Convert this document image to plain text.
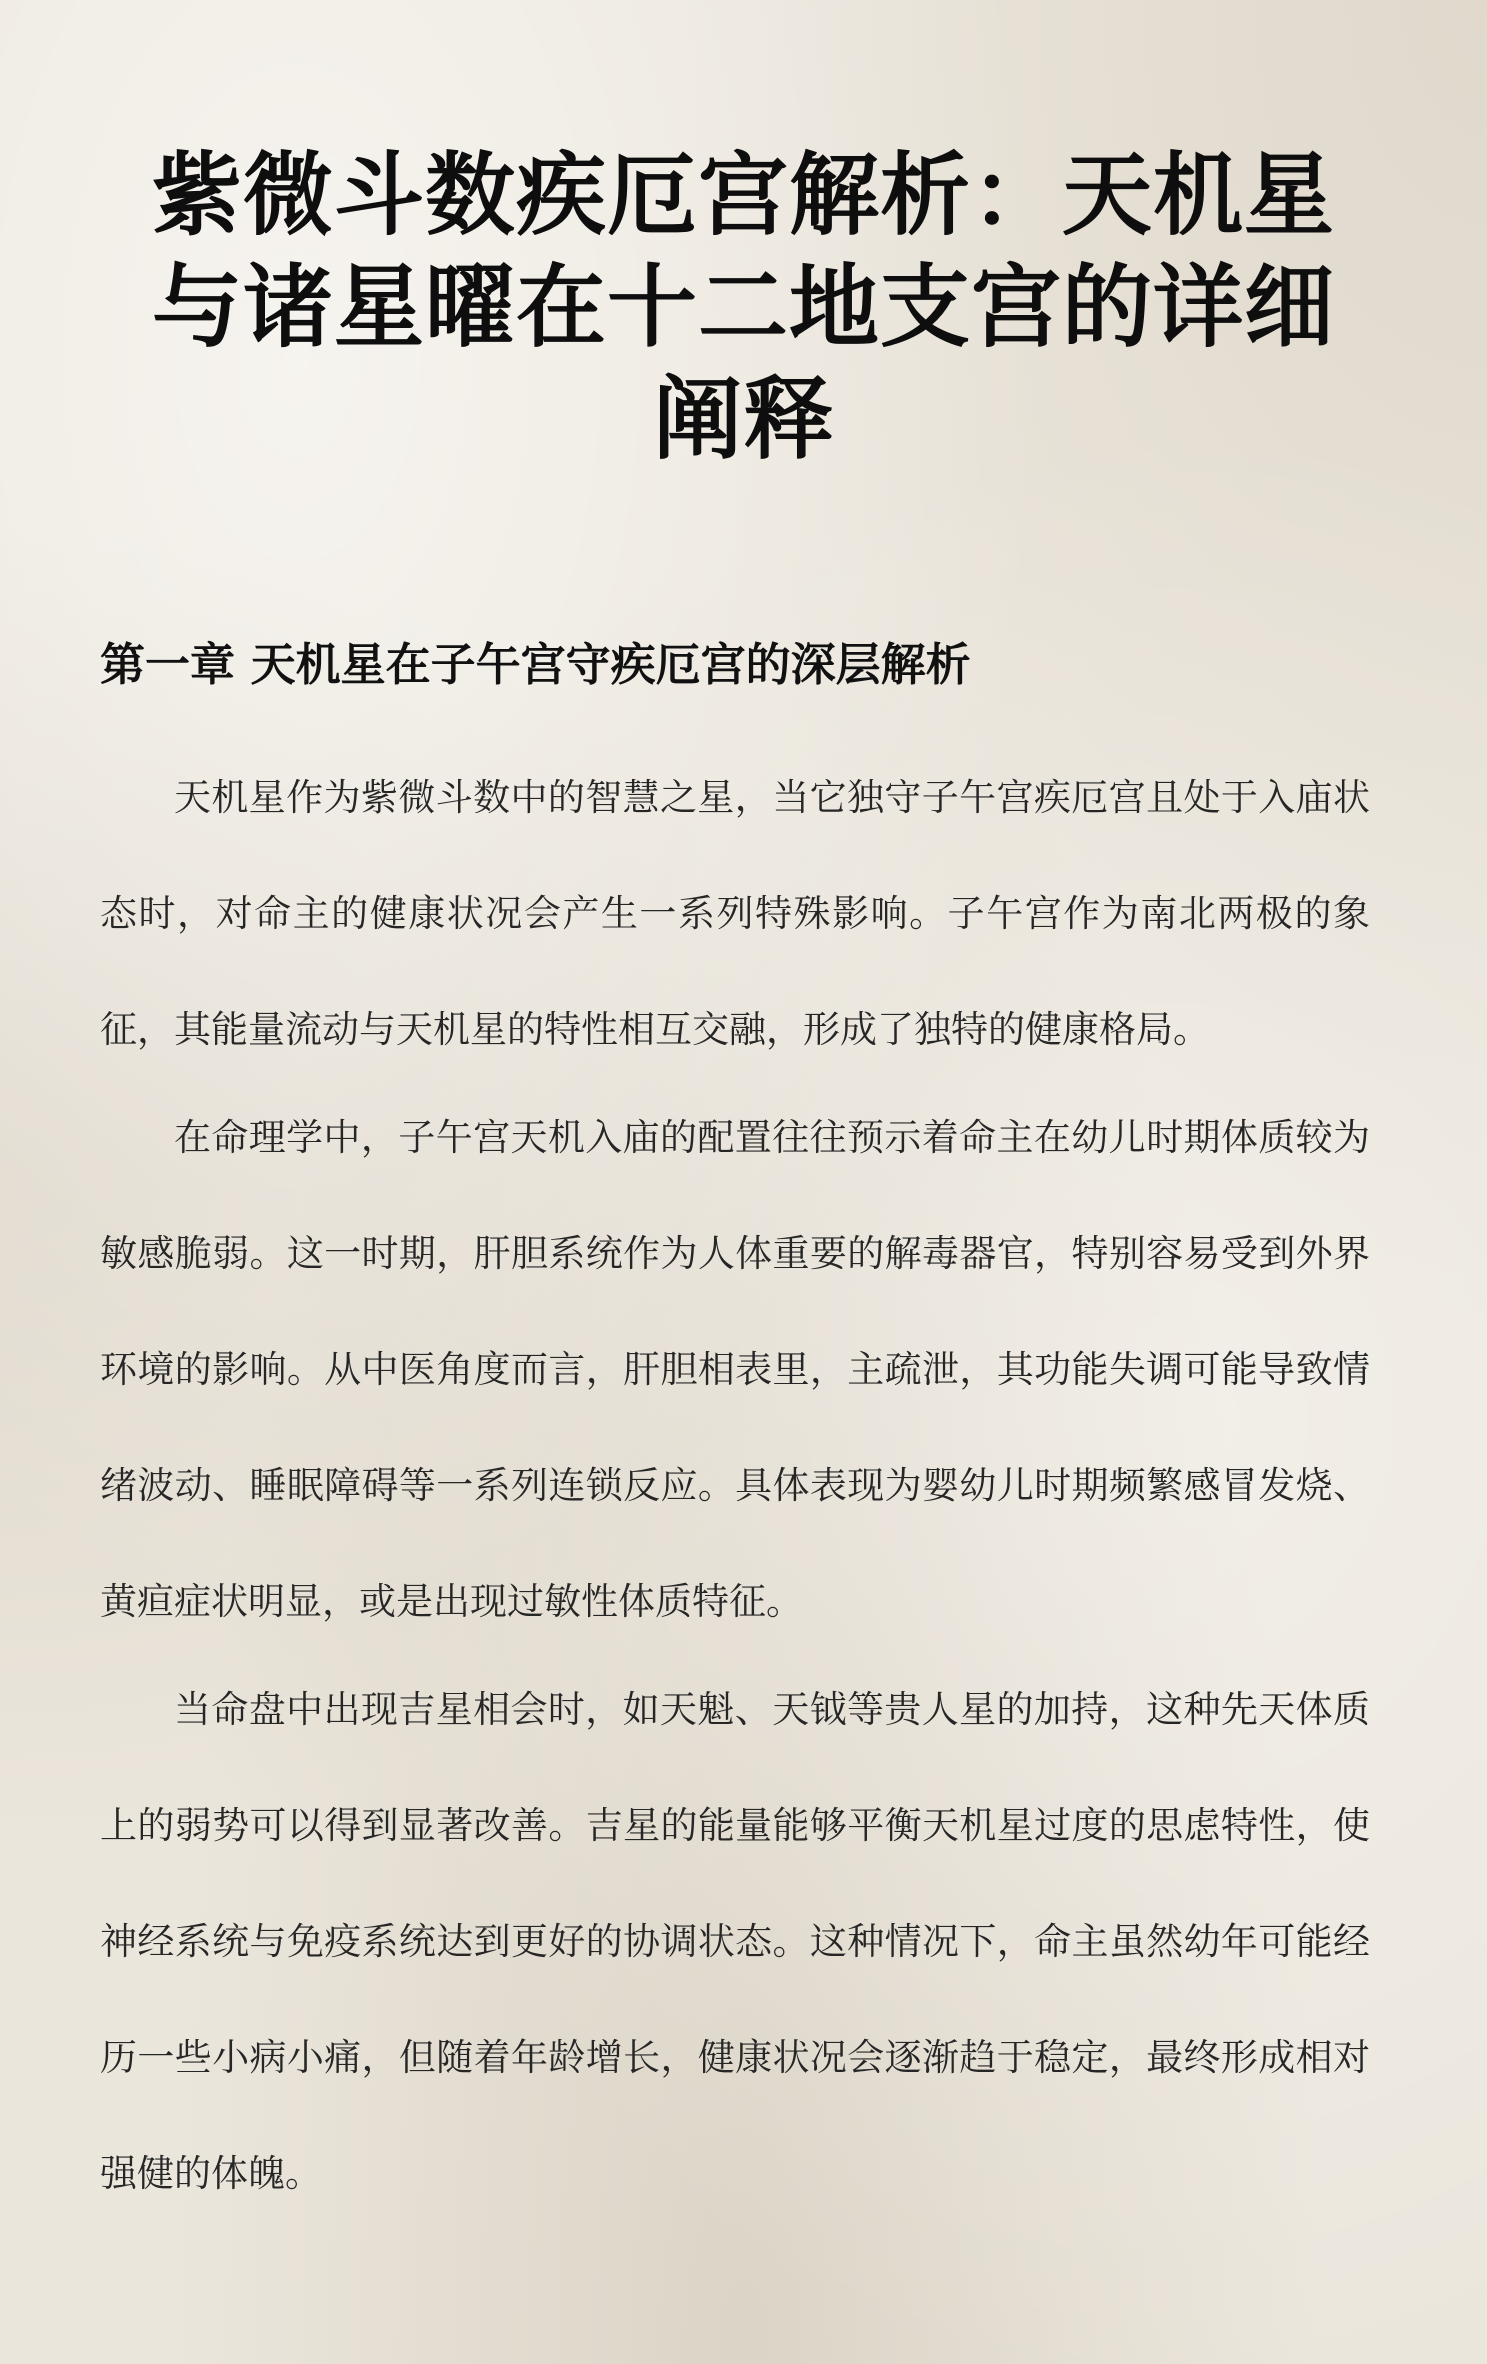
紫微斗数疾厄宫解析：天机星与诸星曜在十二地支宫的详细阐释
第一章 天机星在子午宫守疾厄宫的深层解析

天机星作为紫微斗数中的智慧之星，当它独守子午宫疾厄宫且处于入庙状态时，对命主的健康状况会产生一系列特殊影响。子午宫作为南北两极的象征，其能量流动与天机星的特性相互交融，形成了独特的健康格局。

在命理学中，子午宫天机入庙的配置往往预示着命主在幼儿时期体质较为敏感脆弱。这一时期，肝胆系统作为人体重要的解毒器官，特别容易受到外界环境的影响。从中医角度而言，肝胆相表里，主疏泄，其功能失调可能导致情绪波动、睡眠障碍等一系列连锁反应。具体表现为婴幼儿时期频繁感冒发烧、黄疸症状明显，或是出现过敏性体质特征。

当命盘中出现吉星相会时，如天魁、天钺等贵人星的加持，这种先天体质上的弱势可以得到显著改善。吉星的能量能够平衡天机星过度的思虑特性，使神经系统与免疫系统达到更好的协调状态。这种情况下，命主虽然幼年可能经历一些小病小痛，但随着年龄增长，健康状况会逐渐趋于稳定，最终形成相对强健的体魄。
